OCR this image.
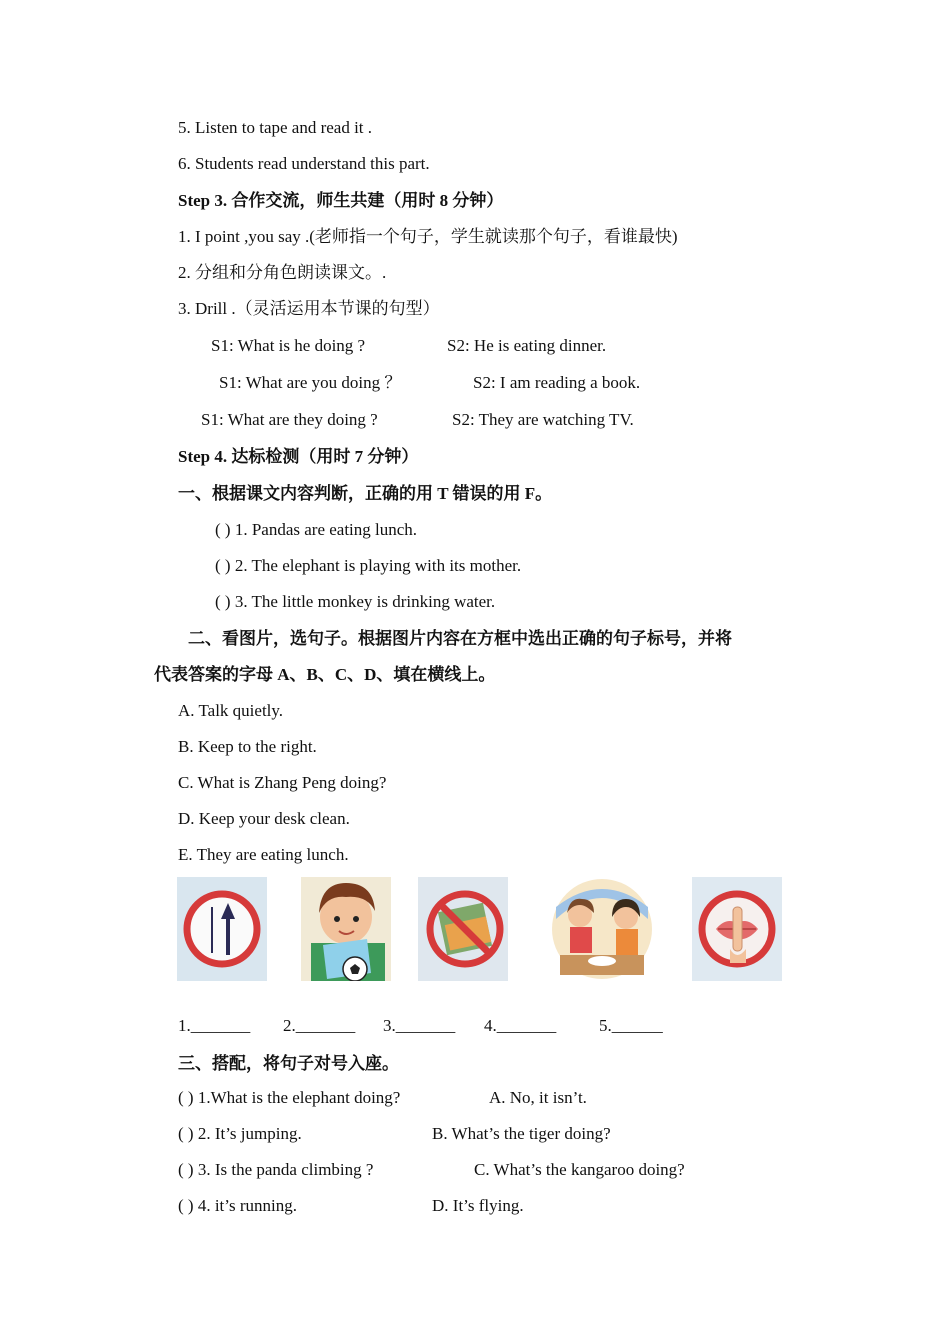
5. Listen to tape and read it .
6. Students read understand this part.
Step 3. 合作交流，师生共建（用时 8 分钟）
1. I point ,you say .(老师指一个句子，学生就读那个句子，看谁最快)
2. 分组和分角色朗读课文。.
3. Drill .（灵活运用本节课的句型）
S1: What is he doing ?	S2: He is eating dinner.
S1: What are you doing ？	S2: I am reading a book.
S1: What are they doing ?	S2: They are watching TV.
Step 4. 达标检测（用时 7 分钟）
一、根据课文内容判断，正确的用 T 错误的用 F。
( ) 1. Pandas are eating lunch.
( ) 2. The elephant is playing with its mother.
( ) 3. The little monkey is drinking water.
二、看图片，选句子。根据图片内容在方框中选出正确的句子标号，并将
代表答案的字母 A、B、C、D、填在横线上。
A. Talk quietly.
B. Keep to the right.
C. What is Zhang Peng doing?
D. Keep your desk clean.
E. They are eating lunch.
1._______ 2._______ 3._______ 4._______	5.______
三、搭配，将句子对号入座。
( ) 1.What is the elephant doing?	A. No, it isn’t.
( ) 2. It’s jumping.	B. What’s the tiger doing?
( ) 3. Is the panda climbing ?	C. What’s the kangaroo doing?
( ) 4. it’s running.	D. It’s flying.
